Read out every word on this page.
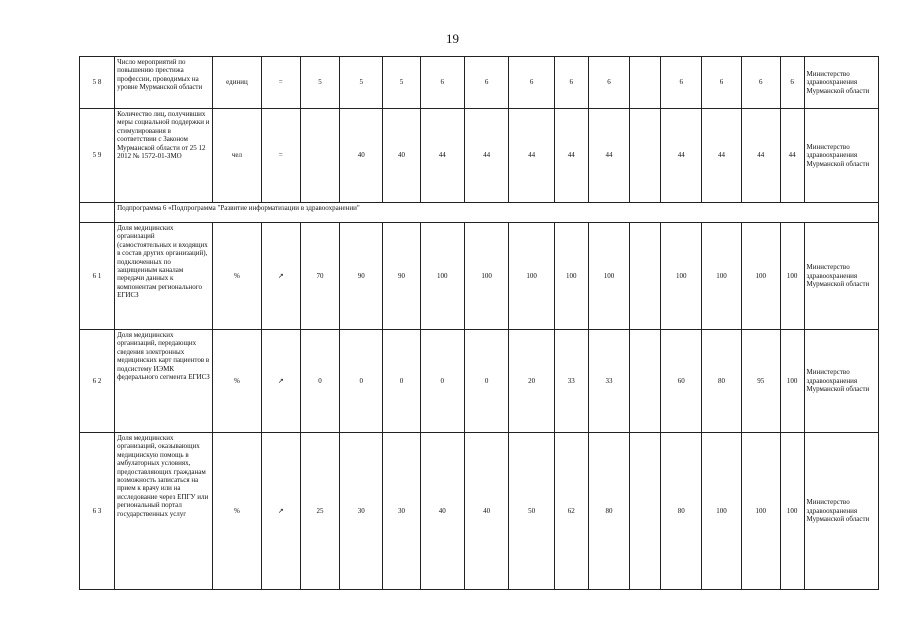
19
5 8	Число мероприятий по повышению престижа профессии, проводимых на уровне Мурманской области	единиц	=	5	5	5	6	6	6	6	6		6	6	6	6	Министерство здравоохранения Мурманской области
5 9	Количество лиц, получивших меры социальной поддержки и стимулирования в соответствии с Законом Мурманской области от 25 12 2012 № 1572-01-ЗМО	чел	=		40	40	44	44	44	44	44		44	44	44	44	Министерство здравоохранения Мурманской области
	Подпрограмма 6 «Подпрограмма "Развитие информатизации в здравоохранении"																
6 1	Доля медицинских организаций (самостоятельных и входящих в состав других организаций), подключенных по защищенным каналам передачи данных к компонентам регионального ЕГИСЗ	%	↗	70	90	90	100	100	100	100	100		100	100	100	100	Министерство здравоохранения Мурманской области
6 2	Доля медицинских организаций, передающих сведения электронных медицинских карт пациентов в подсистему ИЭМК федерального сегмента ЕГИСЗ	%	↗	0	0	0	0	0	20	33	33		60	80	95	100	Министерство здравоохранения Мурманской области
6 3	Доля медицинских организаций, оказывающих медицинскую помощь в амбулаторных условиях, предоставляющих гражданам возможность записаться на прием к врачу или на исследование через ЕПГУ или региональный портал государственных услуг	%	↗	25	30	30	40	40	50	62	80		80	100	100	100	Министерство здравоохранения Мурманской области
